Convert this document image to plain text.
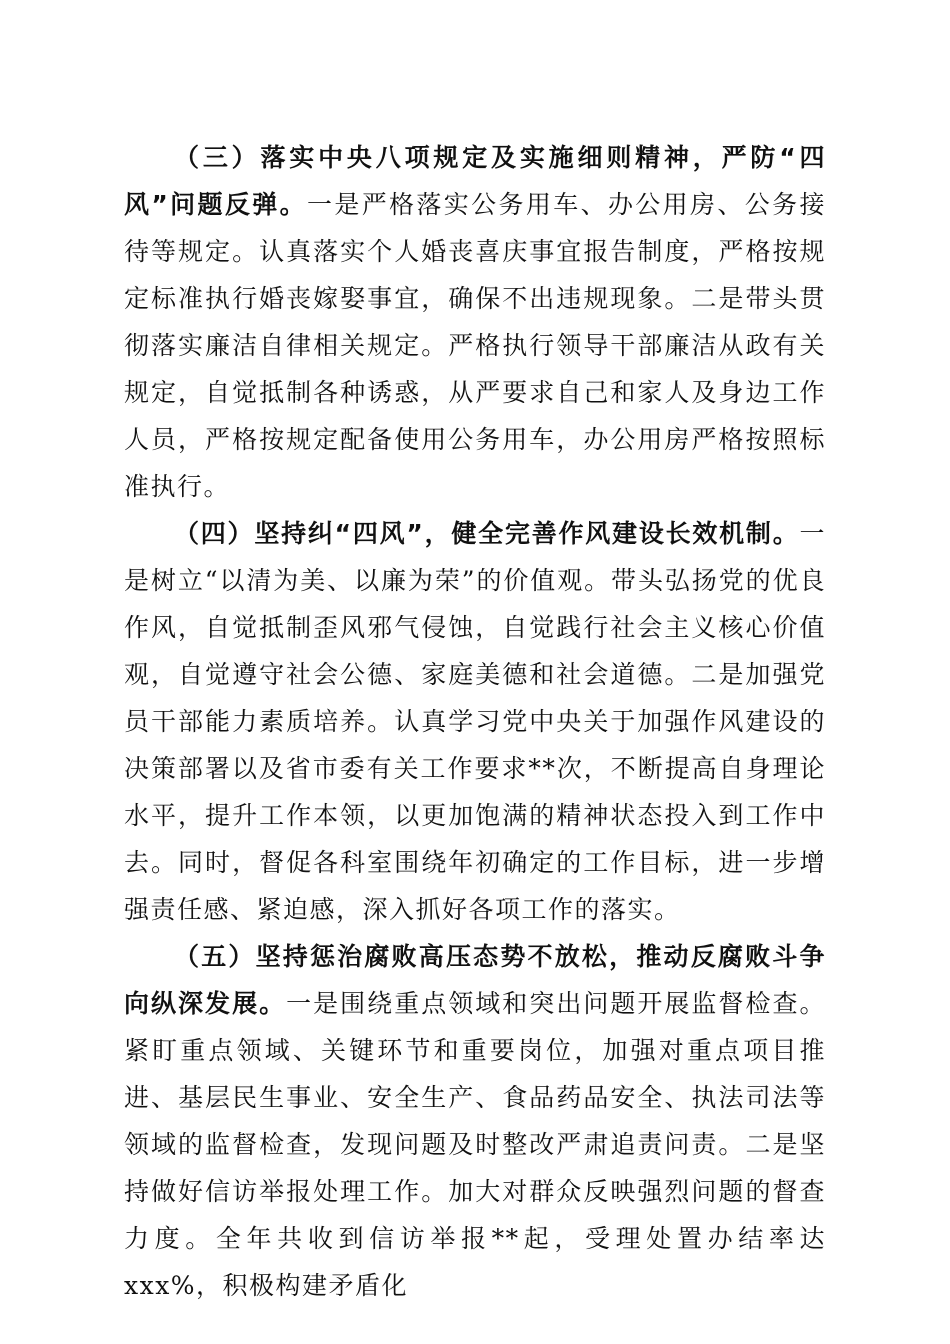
（三）落实中央八项规定及实施细则精神，严防“四风”问题反弹。一是严格落实公务用车、办公用房、公务接待等规定。认真落实个人婚丧喜庆事宜报告制度，严格按规定标准执行婚丧嫁娶事宜，确保不出违规现象。二是带头贯彻落实廉洁自律相关规定。严格执行领导干部廉洁从政有关规定，自觉抵制各种诱惑，从严要求自己和家人及身边工作人员，严格按规定配备使用公务用车，办公用房严格按照标准执行。

（四）坚持纠“四风”，健全完善作风建设长效机制。一是树立“以清为美、以廉为荣”的价值观。带头弘扬党的优良作风，自觉抵制歪风邪气侵蚀，自觉践行社会主义核心价值观，自觉遵守社会公德、家庭美德和社会道德。二是加强党员干部能力素质培养。认真学习党中央关于加强作风建设的决策部署以及省市委有关工作要求**次，不断提高自身理论水平，提升工作本领，以更加饱满的精神状态投入到工作中去。同时，督促各科室围绕年初确定的工作目标，进一步增强责任感、紧迫感，深入抓好各项工作的落实。

（五）坚持惩治腐败高压态势不放松，推动反腐败斗争向纵深发展。一是围绕重点领域和突出问题开展监督检查。紧盯重点领域、关键环节和重要岗位，加强对重点项目推进、基层民生事业、安全生产、食品药品安全、执法司法等领域的监督检查，发现问题及时整改严肃追责问责。二是坚持做好信访举报处理工作。加大对群众反映强烈问题的督查力度。全年共收到信访举报**起，受理处置办结率达 xxx%，积极构建矛盾化
